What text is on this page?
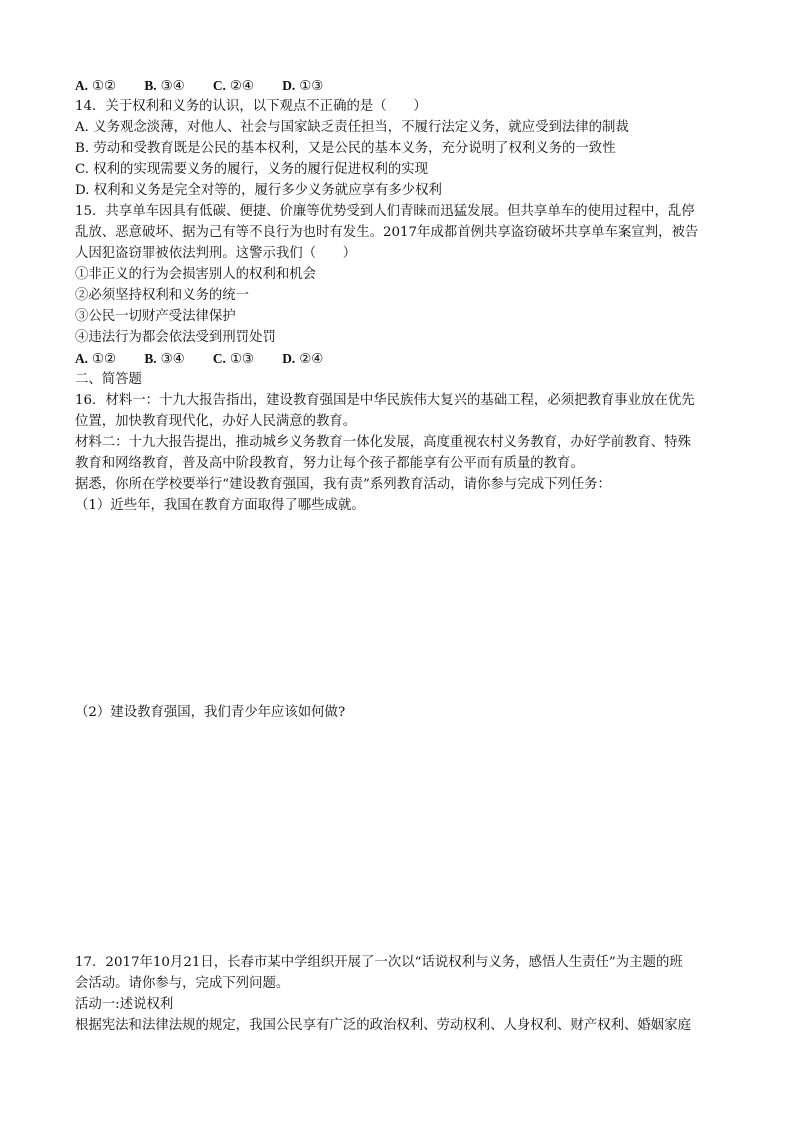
A. ①② B. ③④ C. ②④ D. ①③
14．关于权利和义务的认识，以下观点不正确的是（　　）
A. 义务观念淡薄，对他人、社会与国家缺乏责任担当，不履行法定义务，就应受到法律的制裁
B. 劳动和受教育既是公民的基本权利，又是公民的基本义务，充分说明了权利义务的一致性
C. 权利的实现需要义务的履行，义务的履行促进权利的实现
D. 权利和义务是完全对等的，履行多少义务就应享有多少权利
15．共享单车因具有低碳、便捷、价廉等优势受到人们青睐而迅猛发展。但共享单车的使用过程中，乱停
乱放、恶意破坏、据为己有等不良行为也时有发生。2017年成都首例共享盗窃破坏共享单车案宣判，被告
人因犯盗窃罪被依法判刑。这警示我们（　　）
①非正义的行为会损害别人的权利和机会
②必须坚持权利和义务的统一
③公民一切财产受法律保护
④违法行为都会依法受到刑罚处罚
A. ①② B. ③④ C. ①③ D. ②④
二、简答题
16．材料一：十九大报告指出，建设教育强国是中华民族伟大复兴的基础工程，必须把教育事业放在优先
位置，加快教育现代化，办好人民满意的教育。
材料二：十九大报告提出，推动城乡义务教育一体化发展，高度重视农村义务教育，办好学前教育、特殊
教育和网络教育，普及高中阶段教育，努力让每个孩子都能享有公平而有质量的教育。
据悉，你所在学校要举行“建设教育强国，我有责”系列教育活动，请你参与完成下列任务：
（1）近些年，我国在教育方面取得了哪些成就。
（2）建设教育强国，我们青少年应该如何做?
17．2017年10月21日，长春市某中学组织开展了一次以“话说权利与义务，感悟人生责任”为主题的班
会活动。请你参与，完成下列问题。
活动一:述说权利
根据宪法和法律法规的规定，我国公民享有广泛的政治权利、劳动权利、人身权利、财产权利、婚姻家庭
